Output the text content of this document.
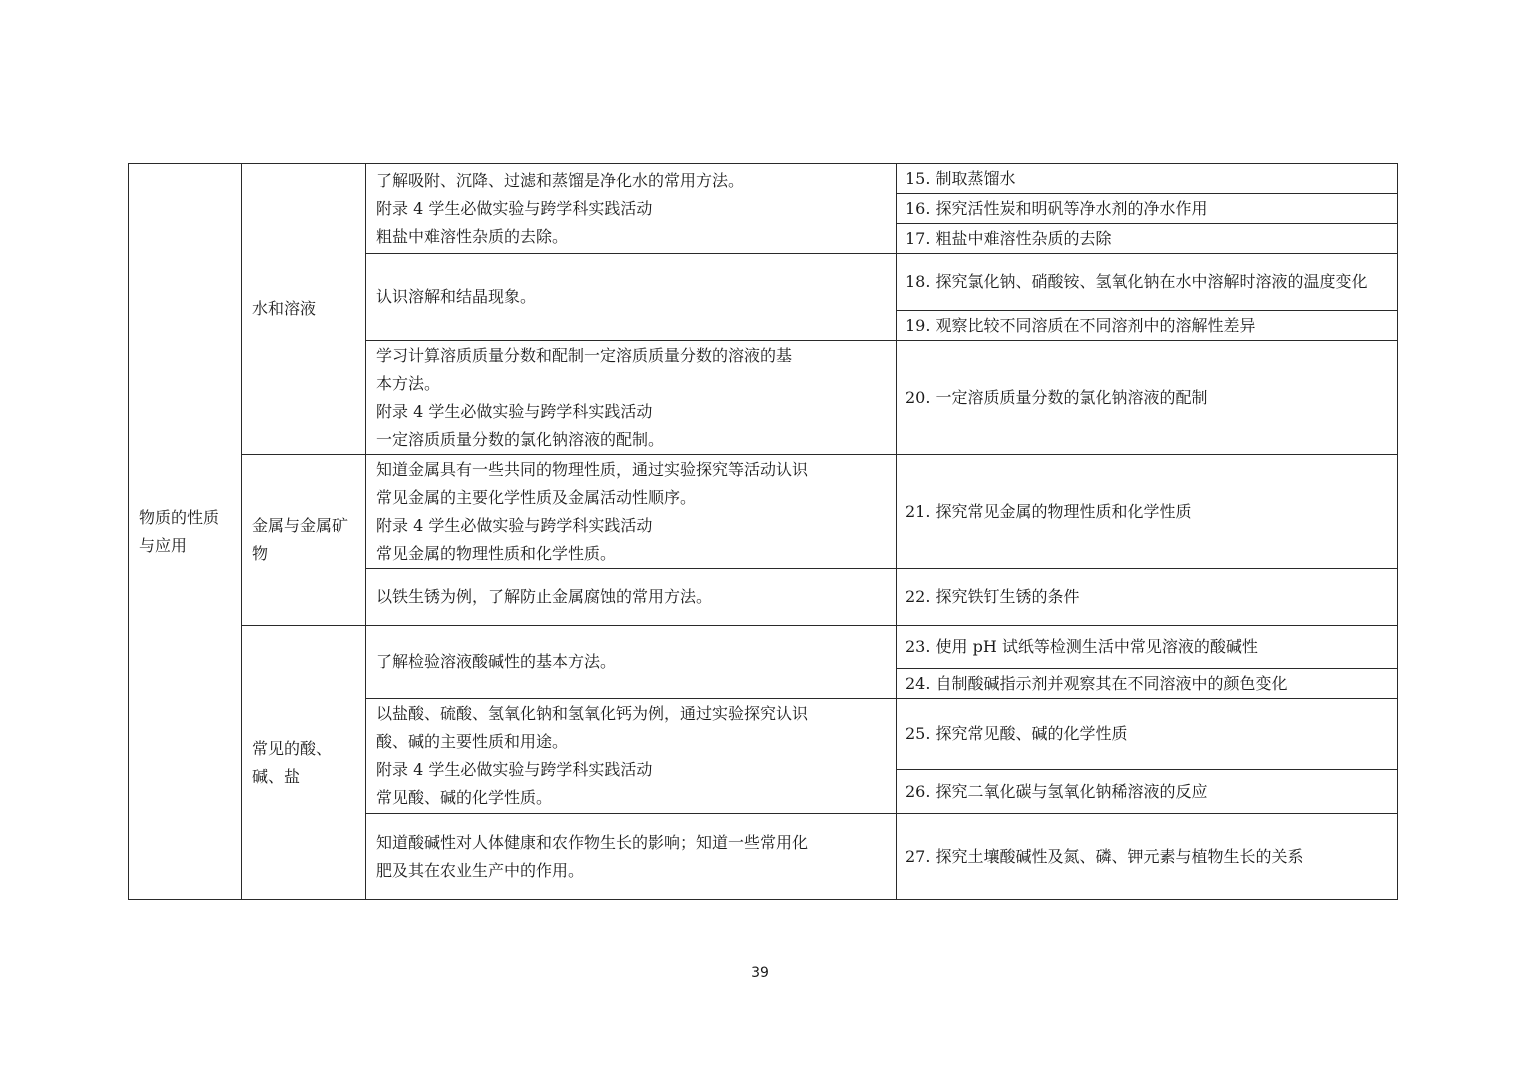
物质的性质与应用	水和溶液	了解吸附、沉降、过滤和蒸馏是净化水的常用方法。
附录 4 学生必做实验与跨学科实践活动
粗盐中难溶性杂质的去除。	15. 制取蒸馏水

			16. 探究活性炭和明矾等净水剂的净水作用

			17. 粗盐中难溶性杂质的去除

		认识溶解和结晶现象。	18. 探究氯化钠、硝酸铵、氢氧化钠在水中溶解时溶液的温度变化

			19. 观察比较不同溶质在不同溶剂中的溶解性差异

		学习计算溶质质量分数和配制一定溶质质量分数的溶液的基
本方法。
附录 4 学生必做实验与跨学科实践活动
一定溶质质量分数的氯化钠溶液的配制。	20. 一定溶质质量分数的氯化钠溶液的配制

	金属与金属矿物	知道金属具有一些共同的物理性质，通过实验探究等活动认识
常见金属的主要化学性质及金属活动性顺序。
附录 4 学生必做实验与跨学科实践活动
常见金属的物理性质和化学性质。	21. 探究常见金属的物理性质和化学性质

		以铁生锈为例，了解防止金属腐蚀的常用方法。	22. 探究铁钉生锈的条件

	常见的酸、碱、盐	了解检验溶液酸碱性的基本方法。	23. 使用 pH 试纸等检测生活中常见溶液的酸碱性

			24. 自制酸碱指示剂并观察其在不同溶液中的颜色变化

		以盐酸、硫酸、氢氧化钠和氢氧化钙为例，通过实验探究认识
酸、碱的主要性质和用途。
附录 4 学生必做实验与跨学科实践活动
常见酸、碱的化学性质。	25. 探究常见酸、碱的化学性质

			26. 探究二氧化碳与氢氧化钠稀溶液的反应

		知道酸碱性对人体健康和农作物生长的影响；知道一些常用化
肥及其在农业生产中的作用。	27. 探究土壤酸碱性及氮、磷、钾元素与植物生长的关系
39
